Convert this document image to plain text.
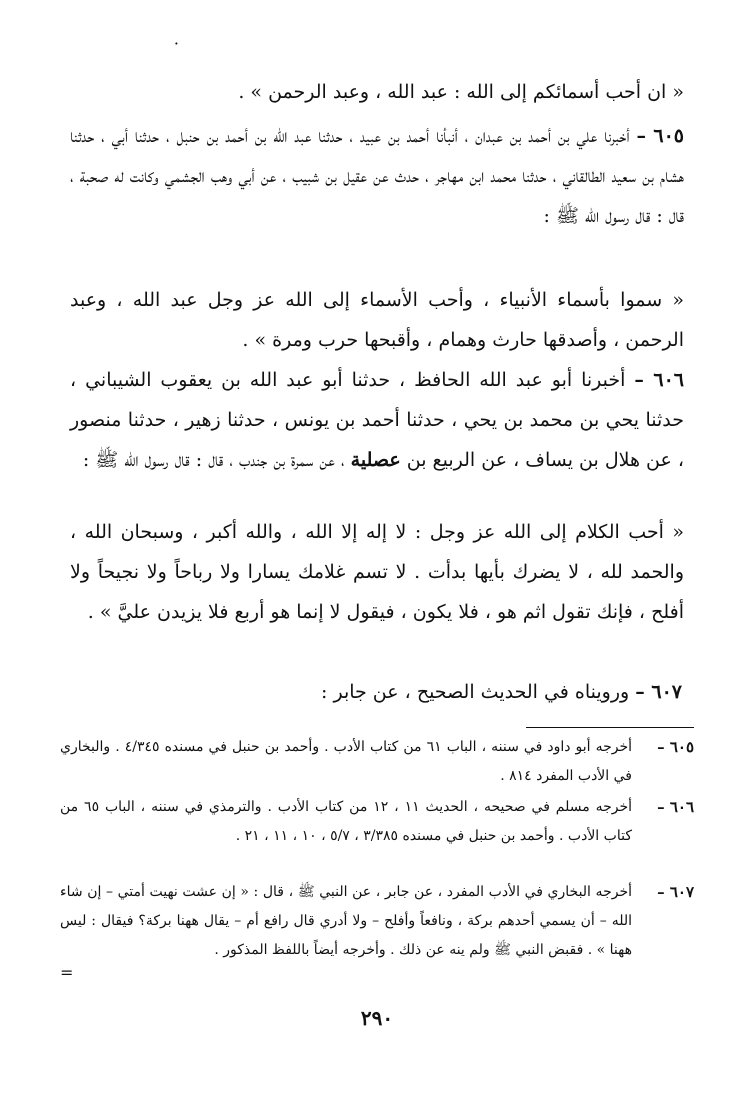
·
« ان أحب أسمائكم إلى الله : عبد الله ، وعبد الرحمن » .
٦٠٥ – أخبرنا علي بن أحمد بن عبدان ، أنبأنا أحمد بن عبيد ، حدثنا عبد الله بن أحمد بن حنبل ، حدثنا أبي ، حدثنا هشام بن سعيد الطالقاني ، حدثنا محمد ابن مهاجر ، حدث عن عقيل بن شبيب ، عن أبي وهب الجشمي وكانت له صحبة ، قال : قال رسول الله ﷺ :
« سموا بأسماء الأنبياء ، وأحب الأسماء إلى الله عز وجل عبد الله ، وعبد الرحمن ، وأصدقها حارث وهمام ، وأقبحها حرب ومرة » .
٦٠٦ – أخبرنا أبو عبد الله الحافظ ، حدثنا أبو عبد الله بن يعقوب الشيباني ، حدثنا يحي بن محمد بن يحي ، حدثنا أحمد بن يونس ، حدثنا زهير ، حدثنا منصور ، عن هلال بن يساف ، عن الربيع بن عصلية ، عن سمرة بن جندب ، قال : قال رسول الله ﷺ :
« أحب الكلام إلى الله عز وجل : لا إله إلا الله ، والله أكبر ، وسبحان الله ، والحمد لله ، لا يضرك بأيها بدأت . لا تسم غلامك يسارا ولا رباحاً ولا نجيحاً ولا أفلح ، فإنك تقول اثم هو ، فلا يكون ، فيقول لا إنما هو أربع فلا يزيدن عليَّ » .
٦٠٧ – ورويناه في الحديث الصحيح ، عن جابر :
٦٠٥ –
أخرجه أبو داود في سننه ، الباب ٦١ من كتاب الأدب . وأحمد بن حنبل في مسنده ٤/٣٤٥ . والبخاري في الأدب المفرد ٨١٤ .
٦٠٦ –
أخرجه مسلم في صحيحه ، الحديث ١١ ، ١٢ من كتاب الأدب . والترمذي في سننه ، الباب ٦٥ من كتاب الأدب . وأحمد بن حنبل في مسنده ٣/٣٨٥ ، ٥/٧ ، ١٠ ، ١١ ، ٢١ .
٦٠٧ –
أخرجه البخاري في الأدب المفرد ، عن جابر ، عن النبي ﷺ ، قال : « إن عشت نهيت أمتي – إن شاء الله – أن يسمي أحدهم بركة ، ونافعاً وأفلح – ولا أدري قال رافع أم – يقال ههنا بركة؟ فيقال : ليس ههنا » . فقبض النبي ﷺ ولم ينه عن ذلك . وأخرجه أيضاً باللفظ المذكور .
=
٢٩٠
